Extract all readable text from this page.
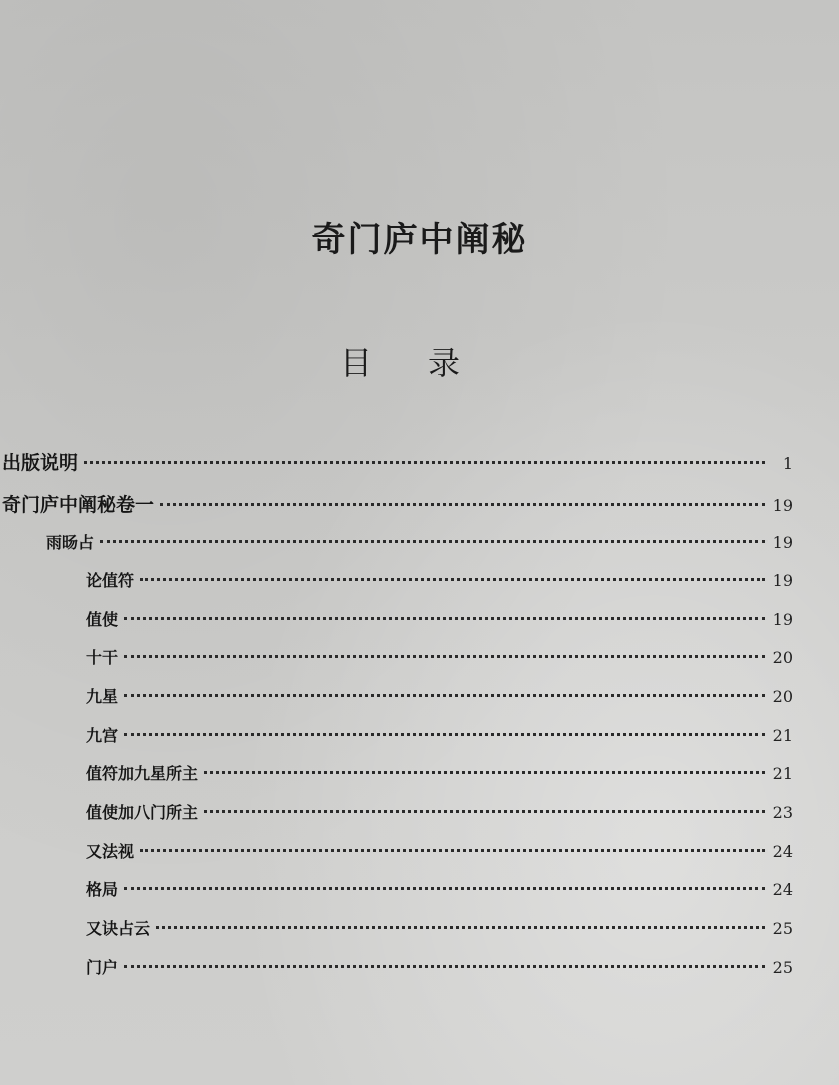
奇门庐中阐秘
目 录
出版说明	1
奇门庐中阐秘卷一	19
雨旸占	19
论值符	19
值使	19
十干	20
九星	20
九宫	21
值符加九星所主	21
值使加八门所主	23
又法视	24
格局	24
又诀占云	25
门户	25
